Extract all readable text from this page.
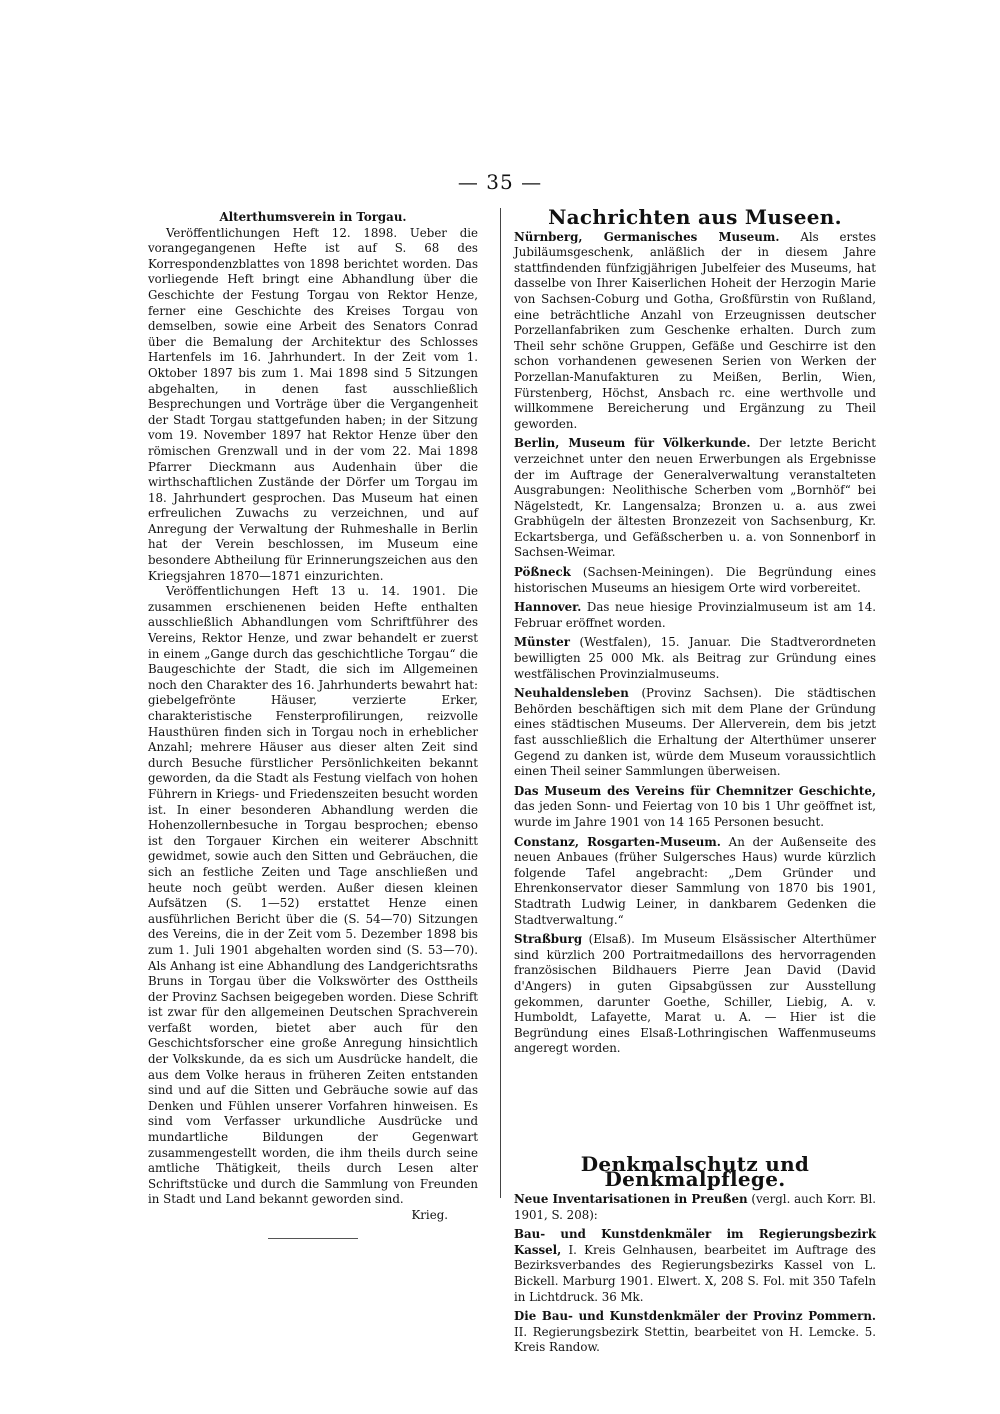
— 35 —

Alterthumsverein in Torgau.

Veröffentlichungen Heft 12. 1898. Ueber die vorangegangenen Hefte ist auf S. 68 des Korrespondenzblattes von 1898 berichtet worden. Das vorliegende Heft bringt eine Abhandlung über die Geschichte der Festung Torgau von Rektor Henze, ferner eine Geschichte des Kreises Torgau von demselben, sowie eine Arbeit des Senators Conrad über die Bemalung der Architektur des Schlosses Hartenfels im 16. Jahrhundert. In der Zeit vom 1. Oktober 1897 bis zum 1. Mai 1898 sind 5 Sitzungen abgehalten, in denen fast ausschließlich Besprechungen und Vorträge über die Vergangenheit der Stadt Torgau stattgefunden haben; in der Sitzung vom 19. November 1897 hat Rektor Henze über den römischen Grenzwall und in der vom 22. Mai 1898 Pfarrer Dieckmann aus Audenhain über die wirthschaftlichen Zustände der Dörfer um Torgau im 18. Jahrhundert gesprochen. Das Museum hat einen erfreulichen Zuwachs zu verzeichnen, und auf Anregung der Verwaltung der Ruhmeshalle in Berlin hat der Verein beschlossen, im Museum eine besondere Abtheilung für Erinnerungszeichen aus den Kriegsjahren 1870—1871 einzurichten.

Veröffentlichungen Heft 13 u. 14. 1901. Die zusammen erschienenen beiden Hefte enthalten ausschließlich Abhandlungen vom Schriftführer des Vereins, Rektor Henze, und zwar behandelt er zuerst in einem „Gange durch das geschichtliche Torgau“ die Baugeschichte der Stadt, die sich im Allgemeinen noch den Charakter des 16. Jahrhunderts bewahrt hat: giebelgefrönte Häuser, verzierte Erker, charakteristische Fensterprofilirungen, reizvolle Hausthüren finden sich in Torgau noch in erheblicher Anzahl; mehrere Häuser aus dieser alten Zeit sind durch Besuche fürstlicher Persönlichkeiten bekannt geworden, da die Stadt als Festung vielfach von hohen Führern in Kriegs- und Friedenszeiten besucht worden ist. In einer besonderen Abhandlung werden die Hohenzollernbesuche in Torgau besprochen; ebenso ist den Torgauer Kirchen ein weiterer Abschnitt gewidmet, sowie auch den Sitten und Gebräuchen, die sich an festliche Zeiten und Tage anschließen und heute noch geübt werden. Außer diesen kleinen Aufsätzen (S. 1—52) erstattet Henze einen ausführlichen Bericht über die (S. 54—70) Sitzungen des Vereins, die in der Zeit vom 5. Dezember 1898 bis zum 1. Juli 1901 abgehalten worden sind (S. 53—70). Als Anhang ist eine Abhandlung des Landgerichtsraths Bruns in Torgau über die Volkswörter des Osttheils der Provinz Sachsen beigegeben worden. Diese Schrift ist zwar für den allgemeinen Deutschen Sprachverein verfaßt worden, bietet aber auch für den Geschichtsforscher eine große Anregung hinsichtlich der Volkskunde, da es sich um Ausdrücke handelt, die aus dem Volke heraus in früheren Zeiten entstanden sind und auf die Sitten und Gebräuche sowie auf das Denken und Fühlen unserer Vorfahren hinweisen. Es sind vom Verfasser urkundliche Ausdrücke und mundartliche Bildungen der Gegenwart zusammengestellt worden, die ihm theils durch seine amtliche Thätigkeit, theils durch Lesen alter Schriftstücke und durch die Sammlung von Freunden in Stadt und Land bekannt geworden sind.

Krieg.

Nachrichten aus Museen.

Nürnberg, Germanisches Museum. Als erstes Jubiläumsgeschenk, anläßlich der in diesem Jahre stattfindenden fünfzigjährigen Jubelfeier des Museums, hat dasselbe von Ihrer Kaiserlichen Hoheit der Herzogin Marie von Sachsen-Coburg und Gotha, Großfürstin von Rußland, eine beträchtliche Anzahl von Erzeugnissen deutscher Porzellanfabriken zum Geschenke erhalten. Durch zum Theil sehr schöne Gruppen, Gefäße und Geschirre ist den schon vorhandenen gewesenen Serien von Werken der Porzellan-Manufakturen zu Meißen, Berlin, Wien, Fürstenberg, Höchst, Ansbach rc. eine werthvolle und willkommene Bereicherung und Ergänzung zu Theil geworden.

Berlin, Museum für Völkerkunde. Der letzte Bericht verzeichnet unter den neuen Erwerbungen als Ergebnisse der im Auftrage der Generalverwaltung veranstalteten Ausgrabungen: Neolithische Scherben vom „Bornhöf“ bei Nägelstedt, Kr. Langensalza; Bronzen u. a. aus zwei Grabhügeln der ältesten Bronzezeit von Sachsenburg, Kr. Eckartsberga, und Gefäßscherben u. a. von Sonnenborf in Sachsen-Weimar.

Pößneck (Sachsen-Meiningen). Die Begründung eines historischen Museums an hiesigem Orte wird vorbereitet.

Hannover. Das neue hiesige Provinzialmuseum ist am 14. Februar eröffnet worden.

Münster (Westfalen), 15. Januar. Die Stadtverordneten bewilligten 25 000 Mk. als Beitrag zur Gründung eines westfälischen Provinzialmuseums.

Neuhaldensleben (Provinz Sachsen). Die städtischen Behörden beschäftigen sich mit dem Plane der Gründung eines städtischen Museums. Der Allerverein, dem bis jetzt fast ausschließlich die Erhaltung der Alterthümer unserer Gegend zu danken ist, würde dem Museum voraussichtlich einen Theil seiner Sammlungen überweisen.

Das Museum des Vereins für Chemnitzer Geschichte, das jeden Sonn- und Feiertag von 10 bis 1 Uhr geöffnet ist, wurde im Jahre 1901 von 14 165 Personen besucht.

Constanz, Rosgarten-Museum. An der Außenseite des neuen Anbaues (früher Sulgersches Haus) wurde kürzlich folgende Tafel angebracht: „Dem Gründer und Ehrenkonservator dieser Sammlung von 1870 bis 1901, Stadtrath Ludwig Leiner, in dankbarem Gedenken die Stadtverwaltung.“

Straßburg (Elsaß). Im Museum Elsässischer Alterthümer sind kürzlich 200 Portraitmedaillons des hervorragenden französischen Bildhauers Pierre Jean David (David d'Angers) in guten Gipsabgüssen zur Ausstellung gekommen, darunter Goethe, Schiller, Liebig, A. v. Humboldt, Lafayette, Marat u. A. — Hier ist die Begründung eines Elsaß-Lothringischen Waffenmuseums angeregt worden.

Denkmalschutz und Denkmalpflege.

Neue Inventarisationen in Preußen (vergl. auch Korr. Bl. 1901, S. 208):

Bau- und Kunstdenkmäler im Regierungsbezirk Kassel, I. Kreis Gelnhausen, bearbeitet im Auftrage des Bezirksverbandes des Regierungsbezirks Kassel von L. Bickell. Marburg 1901. Elwert. X, 208 S. Fol. mit 350 Tafeln in Lichtdruck. 36 Mk.

Die Bau- und Kunstdenkmäler der Provinz Pommern. II. Regierungsbezirk Stettin, bearbeitet von H. Lemcke. 5. Kreis Randow.
